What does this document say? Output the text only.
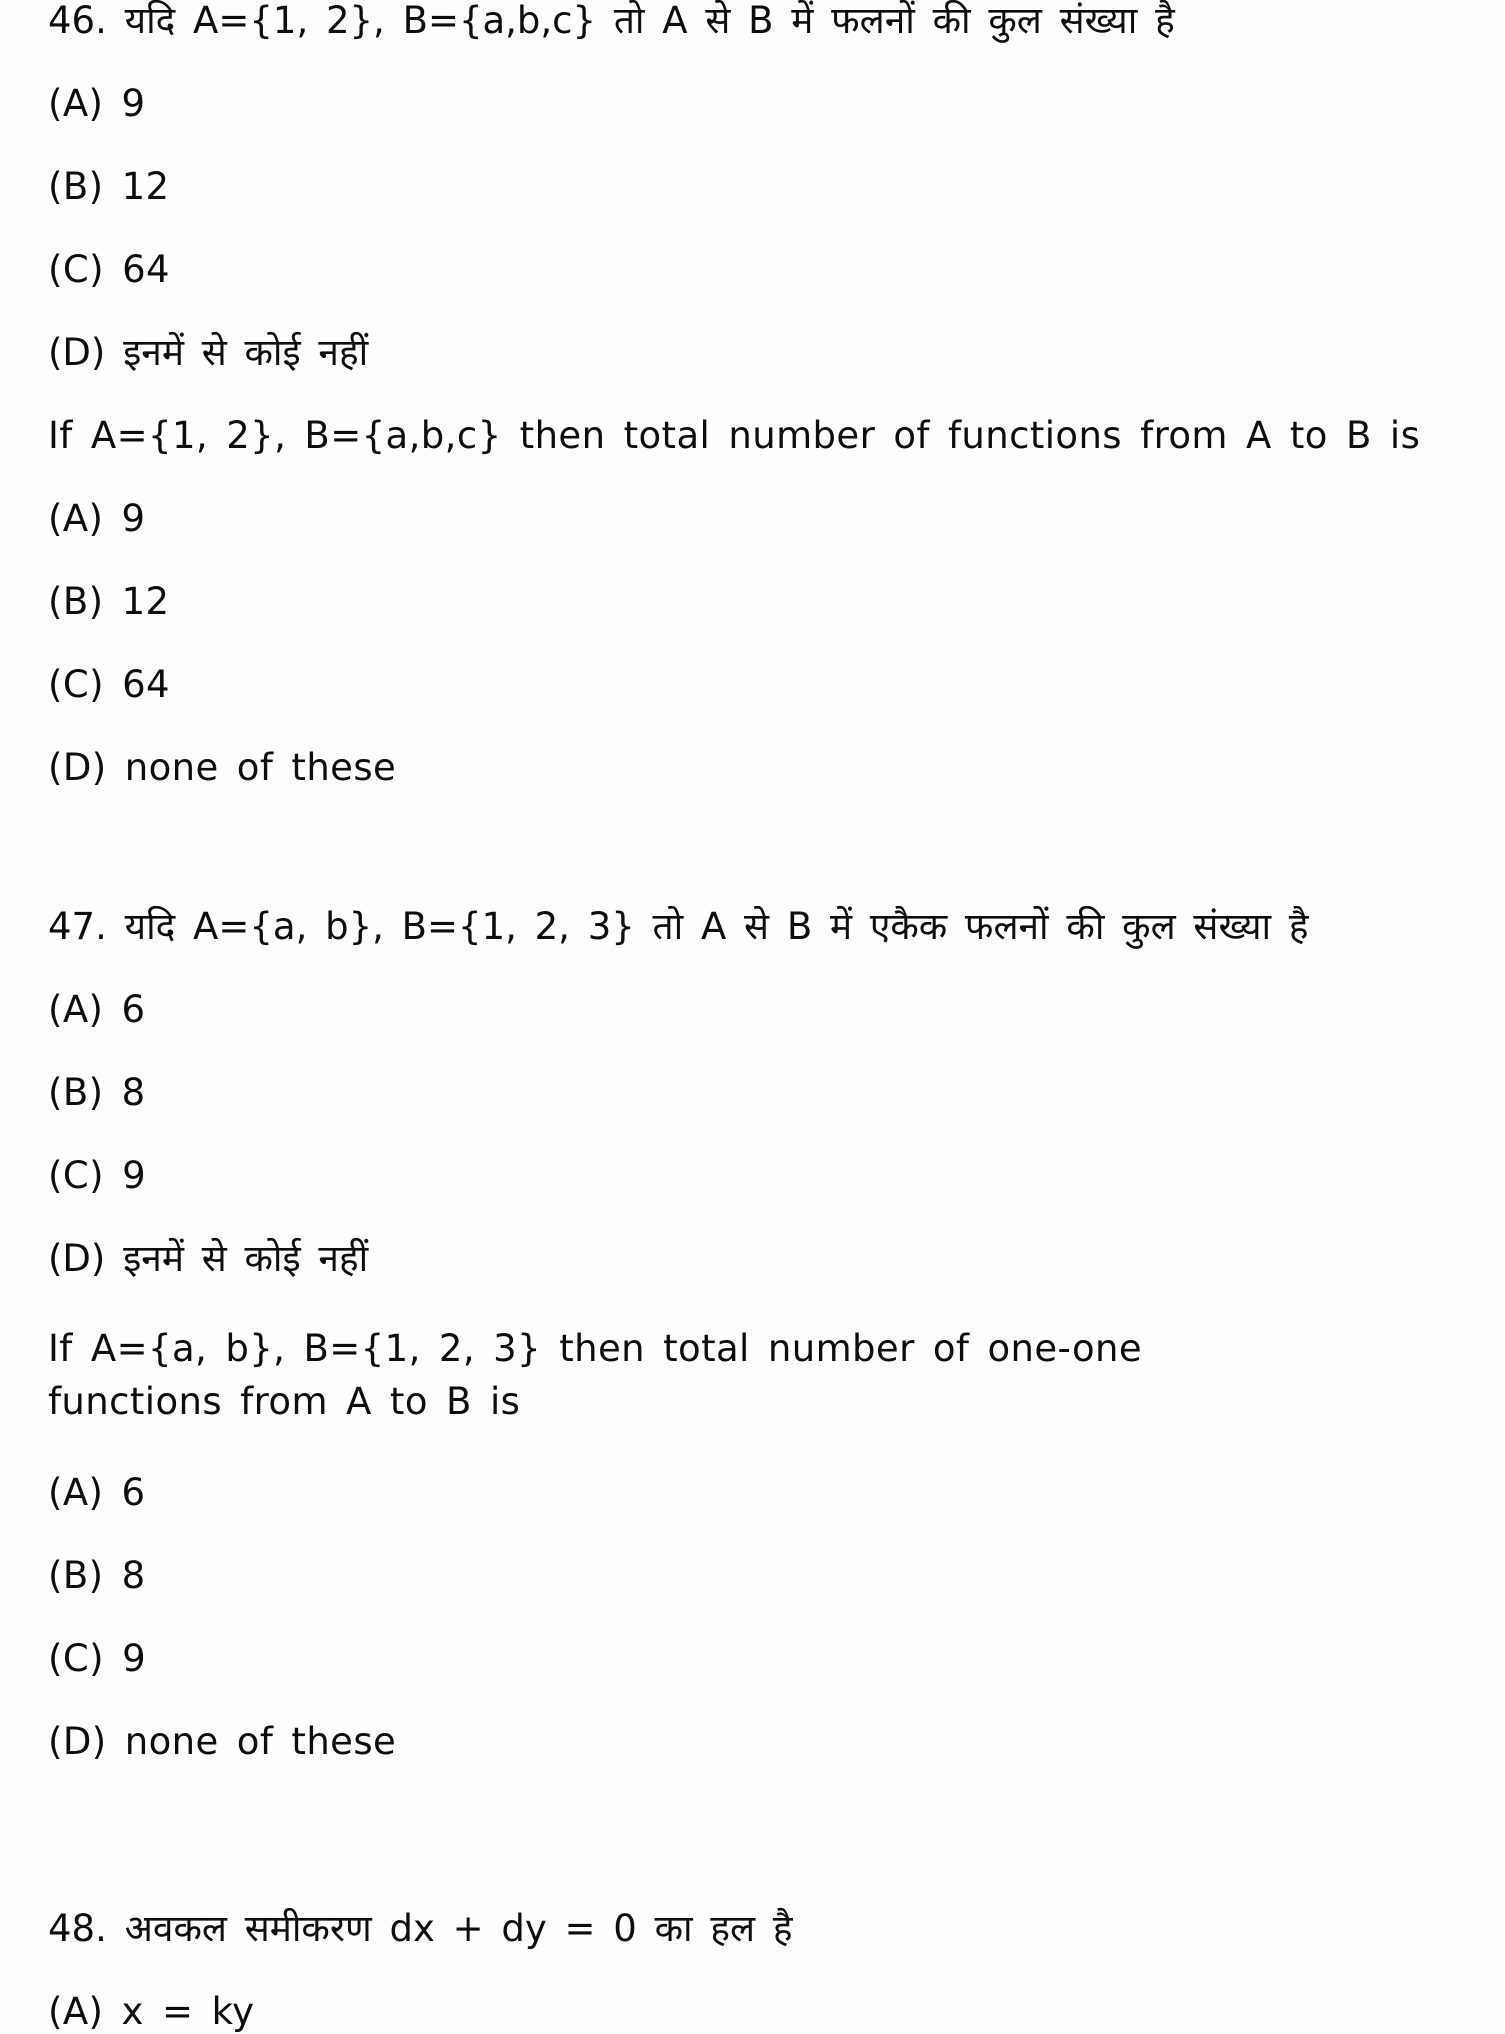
46. यदि A={1, 2}, B={a,b,c} तो A से B में फलनों की कुल संख्या है
(A) 9
(B) 12
(C) 64
(D) इनमें से कोई नहीं
If A={1, 2}, B={a,b,c} then total number of functions from A to B is
(A) 9
(B) 12
(C) 64
(D) none of these
47. यदि A={a, b}, B={1, 2, 3} तो A से B में एकैक फलनों की कुल संख्या है
(A) 6
(B) 8
(C) 9
(D) इनमें से कोई नहीं
If A={a, b}, B={1, 2, 3} then total number of one-one functions from A to B is
(A) 6
(B) 8
(C) 9
(D) none of these
48. अवकल समीकरण dx + dy = 0 का हल है
(A) x = ky
